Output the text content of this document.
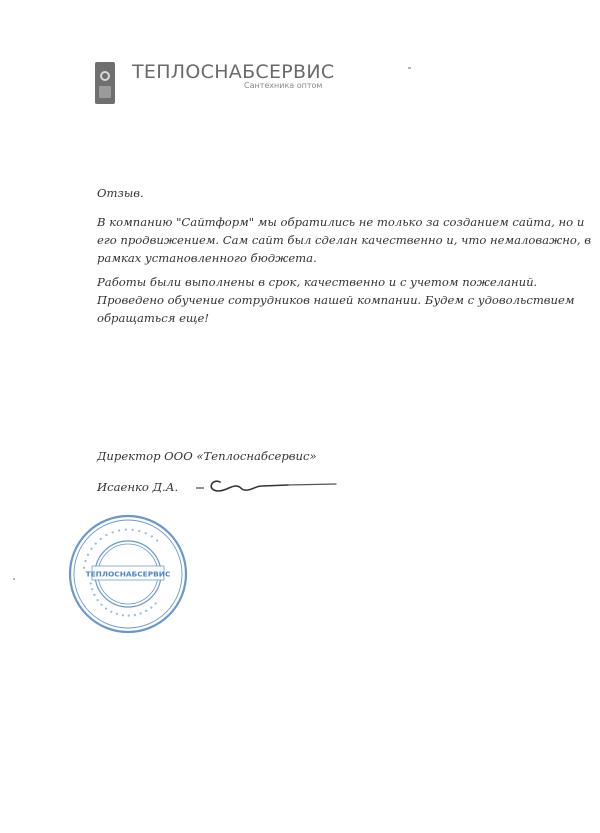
ТЕПЛОСНАБСЕРВИС
Сантехника оптом
Отзыв.
В компанию "Сайтформ" мы обратились не только за созданием сайта, но и
его продвижением. Сам сайт был сделан качественно и, что немаловажно, в
рамках установленного бюджета.
Работы были выполнены в срок, качественно и с учетом пожеланий.
Проведено обучение сотрудников нашей компании. Будем с удовольствием
обращаться еще!
Директор ООО «Теплоснабсервис»
Исаенко Д.А.
• • • • • • • • • • • • • • •
• • • • • • • • • • • • • • •
ТЕПЛОСНАБСЕРВИС
